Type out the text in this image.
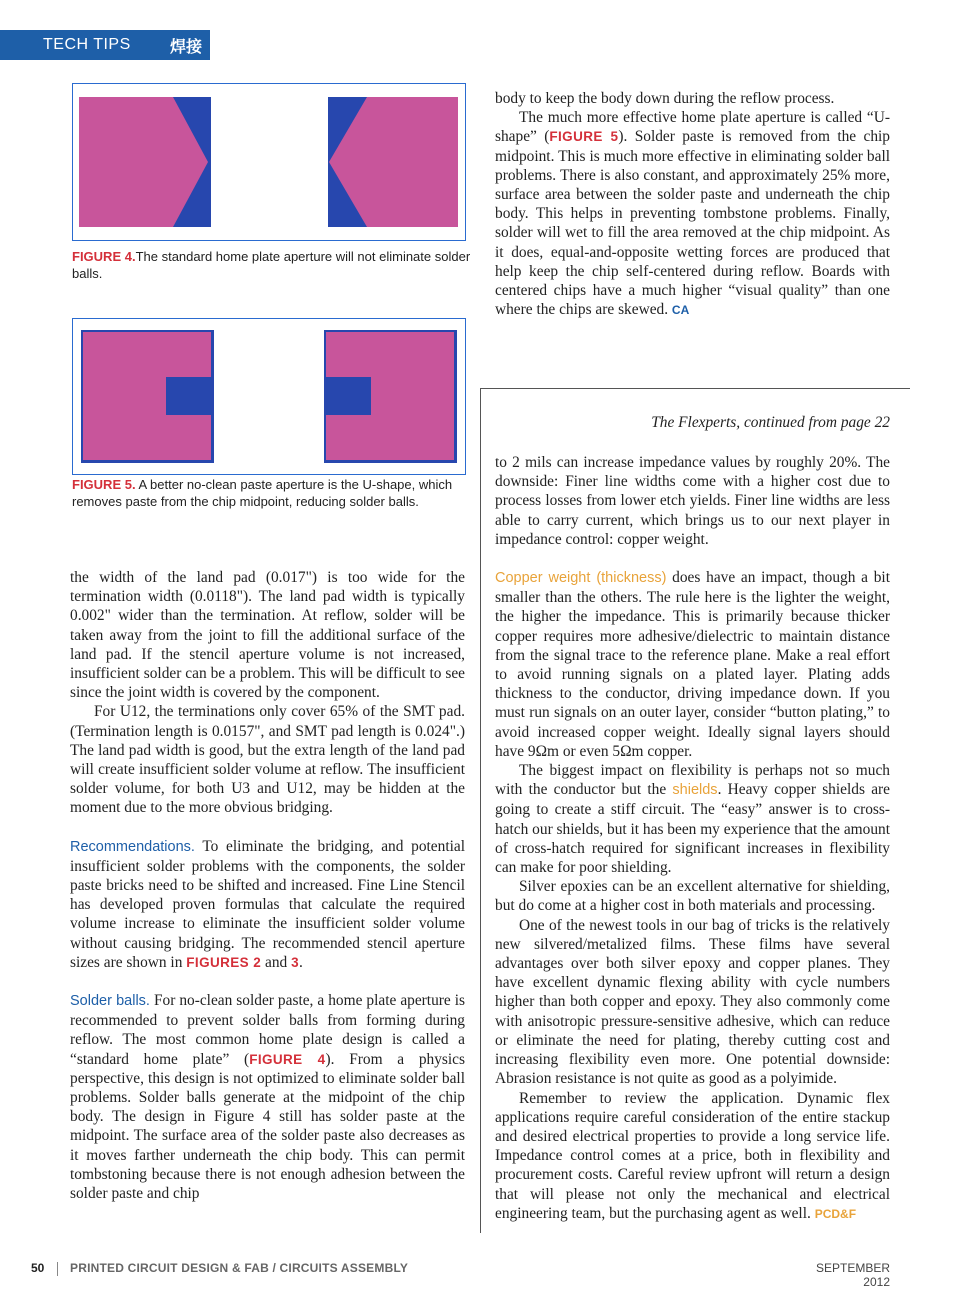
TECH TIPS 焊接
FIGURE 4.The standard home plate aperture will not eliminate solder balls.
FIGURE 5. A better no-clean paste aperture is the U-shape, which removes paste from the chip midpoint, reducing solder balls.

the width of the land pad (0.017") is too wide for the termination width (0.0118"). The land pad width is typically 0.002" wider than the termination. At reflow, solder will be taken away from the joint to fill the additional surface of the land pad. If the stencil aperture volume is not increased, insufficient solder can be a problem. This will be difficult to see since the joint width is covered by the component.

For U12, the terminations only cover 65% of the SMT pad. (Termination length is 0.0157", and SMT pad length is 0.024".) The land pad width is good, but the extra length of the land pad will create insufficient solder volume at reflow. The insufficient solder volume, for both U3 and U12, may be hidden at the moment due to the more obvious bridging.

Recommendations. To eliminate the bridging, and potential insufficient solder problems with the components, the solder paste bricks need to be shifted and increased. Fine Line Stencil has developed proven formulas that calculate the required volume increase to eliminate the insufficient solder volume without causing bridging. The recommended stencil aperture sizes are shown in FIGURES 2 and 3.

Solder balls. For no-clean solder paste, a home plate aperture is recommended to prevent solder balls from forming during reflow. The most common home plate design is called a “standard home plate” (FIGURE 4). From a physics perspective, this design is not optimized to eliminate solder ball problems. Solder balls generate at the midpoint of the chip body. The design in Figure 4 still has solder paste at the midpoint. The surface area of the solder paste also decreases as it moves farther underneath the chip body. This can permit tombstoning because there is not enough adhesion between the solder paste and chip

body to keep the body down during the reflow process.

The much more effective home plate aperture is called “U-shape” (FIGURE 5). Solder paste is removed from the chip midpoint. This is much more effective in eliminating solder ball problems. There is also constant, and approximately 25% more, surface area between the solder paste and underneath the chip body. This helps in preventing tombstone problems. Finally, solder will wet to fill the area removed at the chip midpoint. As it does, equal-and-opposite wetting forces are produced that help keep the chip self-centered during reflow. Boards with centered chips have a much higher “visual quality” than one where the chips are skewed. CA

The Flexperts, continued from page 22

to 2 mils can increase impedance values by roughly 20%. The downside: Finer line widths come with a higher cost due to process losses from lower etch yields. Finer line widths are less able to carry current, which brings us to our next player in impedance control: copper weight.

Copper weight (thickness) does have an impact, though a bit smaller than the others. The rule here is the lighter the weight, the higher the impedance. This is primarily because thicker copper requires more adhesive/dielectric to maintain distance from the signal trace to the reference plane. Make a real effort to avoid running signals on a plated layer. Plating adds thickness to the conductor, driving impedance down. If you must run signals on an outer layer, consider “button plating,” to avoid increased copper weight. Ideally signal layers should have 9Ωm or even 5Ωm copper.

The biggest impact on flexibility is perhaps not so much with the conductor but the shields. Heavy copper shields are going to create a stiff circuit. The “easy” answer is to cross-hatch our shields, but it has been my experience that the amount of cross-hatch required for significant increases in flexibility can make for poor shielding.

Silver epoxies can be an excellent alternative for shielding, but do come at a higher cost in both materials and processing.

One of the newest tools in our bag of tricks is the relatively new silvered/metalized films. These films have several advantages over both silver epoxy and copper planes. They have excellent dynamic flexing ability with cycle numbers higher than both copper and epoxy. They also commonly come with anisotropic pressure-sensitive adhesive, which can reduce or eliminate the need for plating, thereby cutting cost and increasing flexibility even more. One potential downside: Abrasion resistance is not quite as good as a polyimide.

Remember to review the application. Dynamic flex applications require careful consideration of the entire stackup and desired electrical properties to provide a long service life. Impedance control comes at a price, both in flexibility and procurement costs. Careful review upfront will return a design that will please not only the mechanical and electrical engineering team, but the purchasing agent as well. PCD&F

50 PRINTED CIRCUIT DESIGN & FAB / CIRCUITS ASSEMBLY	SEPTEMBER 2012
